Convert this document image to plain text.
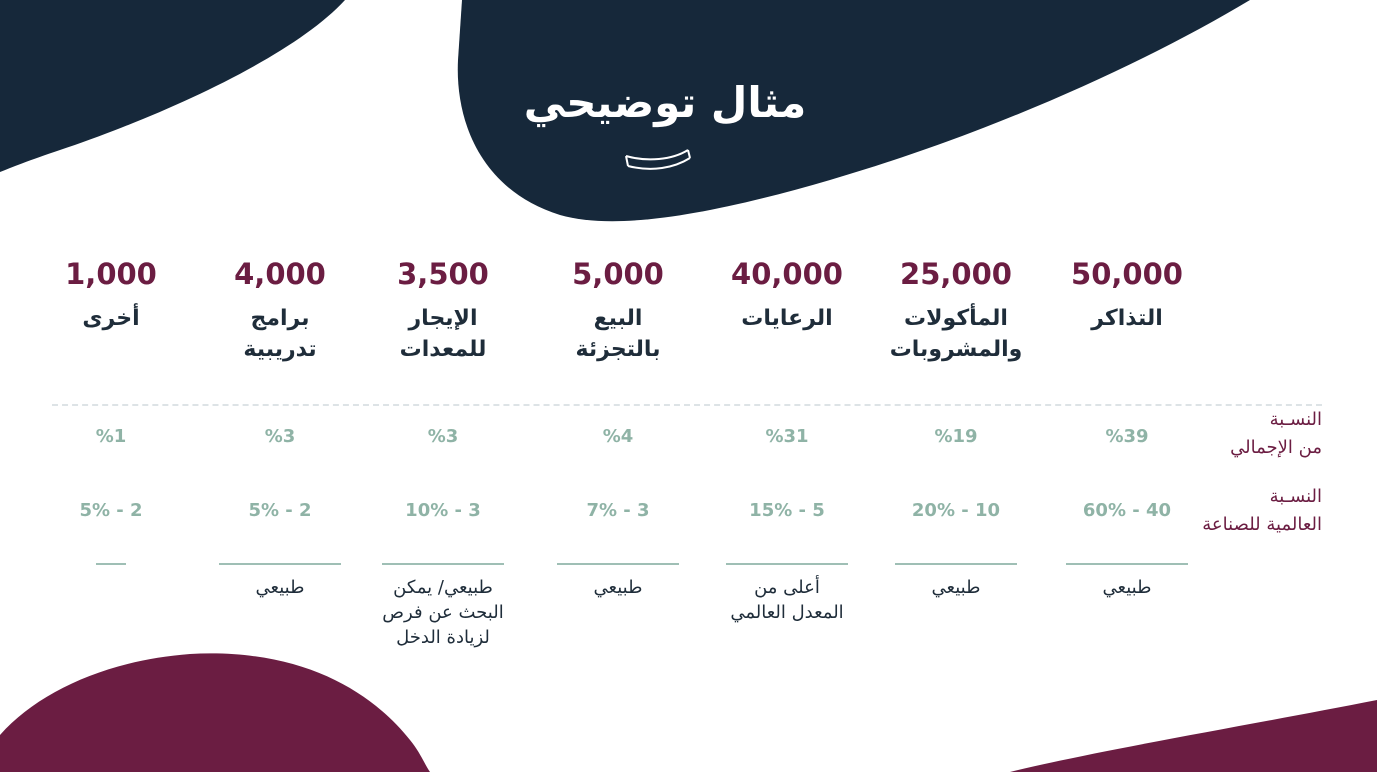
مثال توضيحي
50,000
التذاكر
25,000
المأكولات
والمشروبات
40,000
الرعايات
5,000
البيع
بالتجزئة
3,500
الإيجار
للمعدات
4,000
برامج
تدريبية
1,000
أخرى
النسـبة
من الإجمالي
النسـبة
العالمية للصناعة
%39
%19
%31
%4
%3
%3
%1
40 - 60%
10 - 20%
5 - 15%
3 - 7%
3 - 10%
2 - 5%
2 - 5%
طبيعي
طبيعي
أعلى من
المعدل العالمي
طبيعي
طبيعي/ يمكن
البحث عن فرص
لزيادة الدخل
طبيعي
